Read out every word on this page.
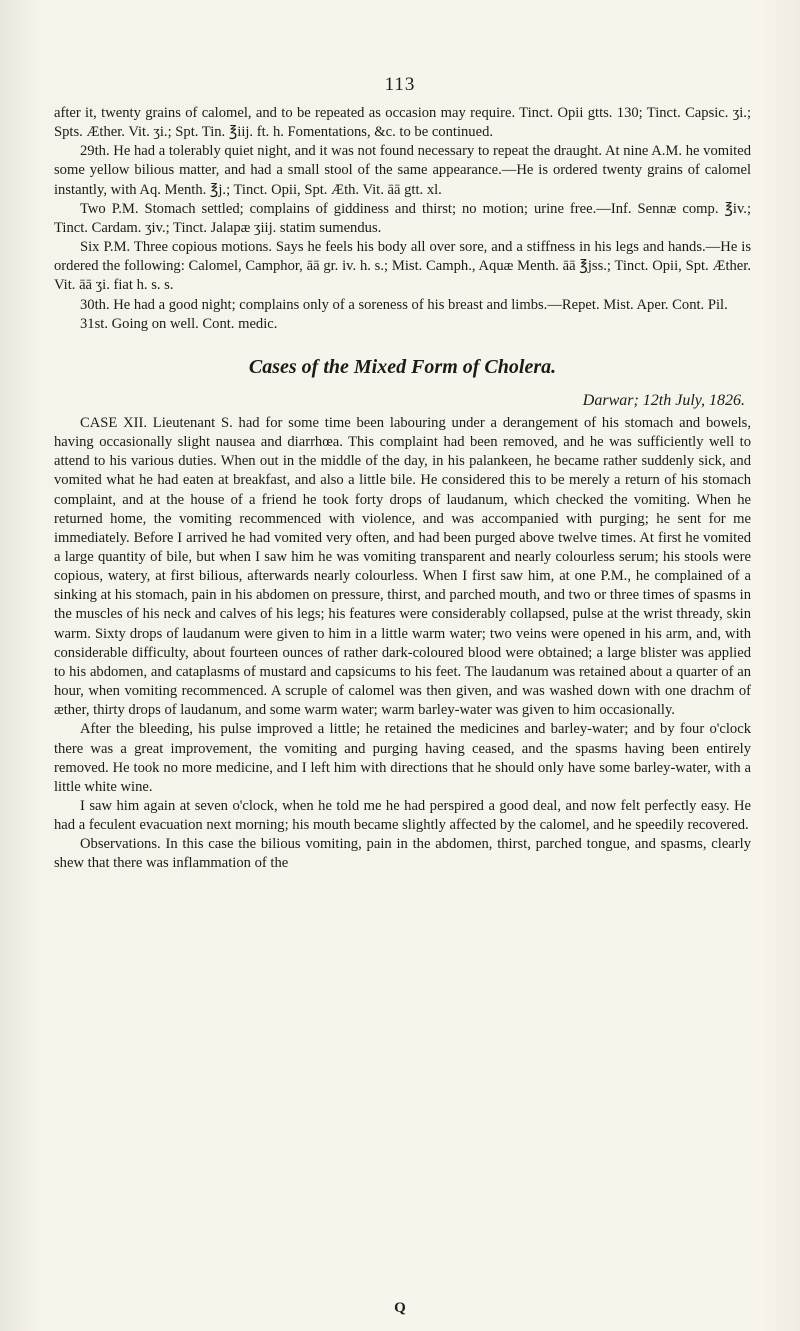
113

after it, twenty grains of calomel, and to be repeated as occasion may require. Tinct. Opii gtts. 130; Tinct. Capsic. ʒi.; Spts. Æther. Vit. ʒi.; Spt. Tin. ℥iij. ft. h. Fomentations, &c. to be continued.

29th. He had a tolerably quiet night, and it was not found necessary to repeat the draught. At nine A.M. he vomited some yellow bilious matter, and had a small stool of the same appearance.—He is ordered twenty grains of calomel instantly, with Aq. Menth. ℥j.; Tinct. Opii, Spt. Æth. Vit. āā gtt. xl.

Two P.M. Stomach settled; complains of giddiness and thirst; no motion; urine free.—Inf. Sennæ comp. ℥iv.; Tinct. Cardam. ʒiv.; Tinct. Jalapæ ʒiij. statim sumendus.

Six P.M. Three copious motions. Says he feels his body all over sore, and a stiffness in his legs and hands.—He is ordered the following: Calomel, Camphor, āā gr. iv. h. s.; Mist. Camph., Aquæ Menth. āā ℥jss.; Tinct. Opii, Spt. Æther. Vit. āā ʒi. fiat h. s. s.

30th. He had a good night; complains only of a soreness of his breast and limbs.—Repet. Mist. Aper. Cont. Pil.

31st. Going on well. Cont. medic.

Cases of the Mixed Form of Cholera.

Darwar; 12th July, 1826.

CASE XII. Lieutenant S. had for some time been labouring under a derangement of his stomach and bowels, having occasionally slight nausea and diarrhœa. This complaint had been removed, and he was sufficiently well to attend to his various duties. When out in the middle of the day, in his palankeen, he became rather suddenly sick, and vomited what he had eaten at breakfast, and also a little bile. He considered this to be merely a return of his stomach complaint, and at the house of a friend he took forty drops of laudanum, which checked the vomiting. When he returned home, the vomiting recommenced with violence, and was accompanied with purging; he sent for me immediately. Before I arrived he had vomited very often, and had been purged above twelve times. At first he vomited a large quantity of bile, but when I saw him he was vomiting transparent and nearly colourless serum; his stools were copious, watery, at first bilious, afterwards nearly colourless. When I first saw him, at one P.M., he complained of a sinking at his stomach, pain in his abdomen on pressure, thirst, and parched mouth, and two or three times of spasms in the muscles of his neck and calves of his legs; his features were considerably collapsed, pulse at the wrist thready, skin warm. Sixty drops of laudanum were given to him in a little warm water; two veins were opened in his arm, and, with considerable difficulty, about fourteen ounces of rather dark-coloured blood were obtained; a large blister was applied to his abdomen, and cataplasms of mustard and capsicums to his feet. The laudanum was retained about a quarter of an hour, when vomiting recommenced. A scruple of calomel was then given, and was washed down with one drachm of æther, thirty drops of laudanum, and some warm water; warm barley-water was given to him occasionally.

After the bleeding, his pulse improved a little; he retained the medicines and barley-water; and by four o'clock there was a great improvement, the vomiting and purging having ceased, and the spasms having been entirely removed. He took no more medicine, and I left him with directions that he should only have some barley-water, with a little white wine.

I saw him again at seven o'clock, when he told me he had perspired a good deal, and now felt perfectly easy. He had a feculent evacuation next morning; his mouth became slightly affected by the calomel, and he speedily recovered.

Observations. In this case the bilious vomiting, pain in the abdomen, thirst, parched tongue, and spasms, clearly shew that there was inflammation of the

Q
